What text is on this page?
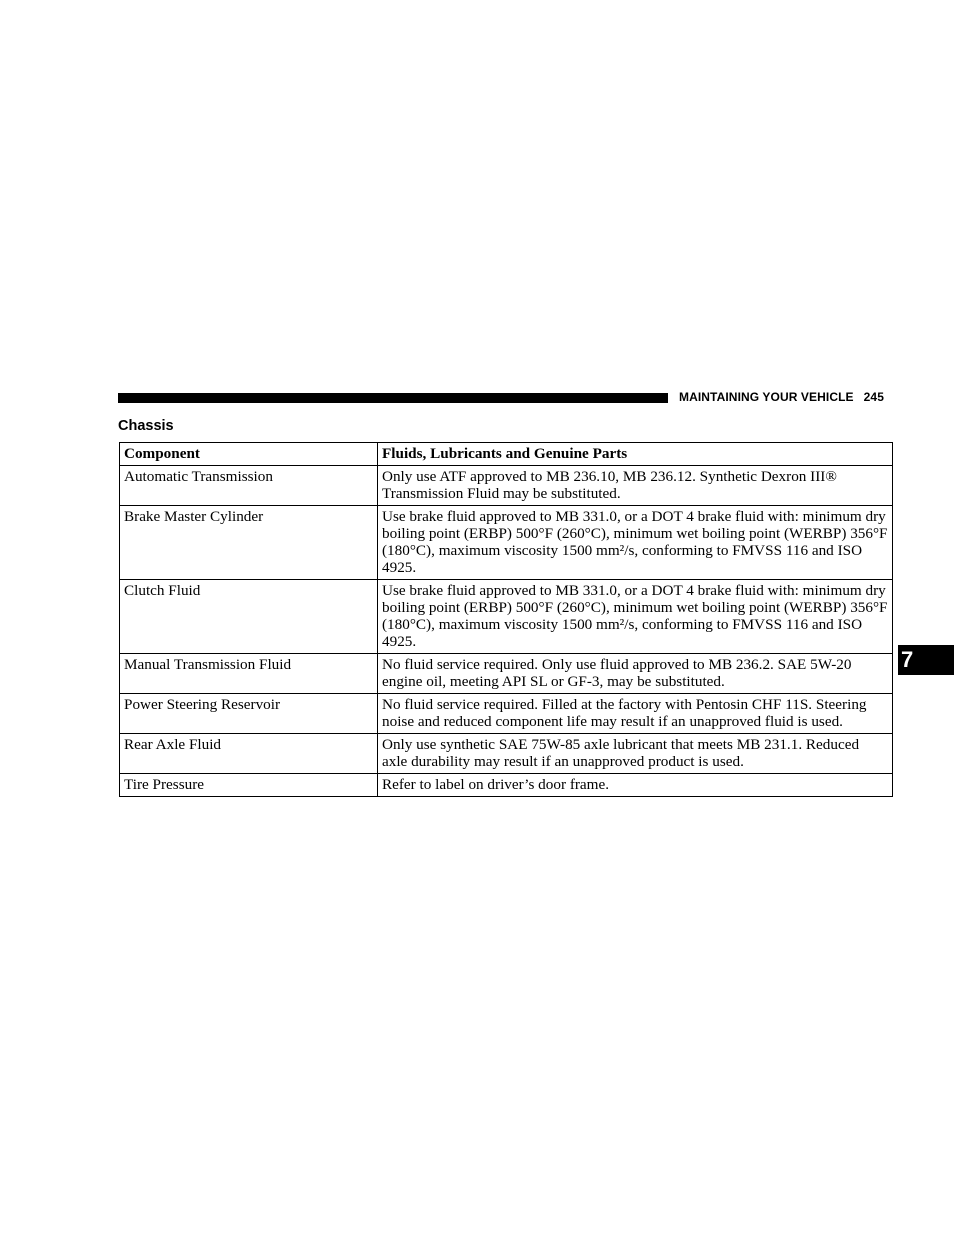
MAINTAINING YOUR VEHICLE 245
Chassis
Component	Fluids, Lubricants and Genuine Parts
Automatic Transmission	Only use ATF approved to MB 236.10, MB 236.12. Synthetic Dexron III® Transmission Fluid may be substituted.
Brake Master Cylinder	Use brake fluid approved to MB 331.0, or a DOT 4 brake fluid with: minimum dry boiling point (ERBP) 500°F (260°C), minimum wet boiling point (WERBP) 356°F (180°C), maximum viscosity 1500 mm²/s, conforming to FMVSS 116 and ISO 4925.
Clutch Fluid	Use brake fluid approved to MB 331.0, or a DOT 4 brake fluid with: minimum dry boiling point (ERBP) 500°F (260°C), minimum wet boiling point (WERBP) 356°F (180°C), maximum viscosity 1500 mm²/s, conforming to FMVSS 116 and ISO 4925.
Manual Transmission Fluid	No fluid service required. Only use fluid approved to MB 236.2. SAE 5W-20 engine oil, meeting API SL or GF-3, may be substituted.
Power Steering Reservoir	No fluid service required. Filled at the factory with Pentosin CHF 11S. Steering noise and reduced component life may result if an unapproved fluid is used.
Rear Axle Fluid	Only use synthetic SAE 75W-85 axle lubricant that meets MB 231.1. Reduced axle durability may result if an unapproved product is used.
Tire Pressure	Refer to label on driver’s door frame.
7
